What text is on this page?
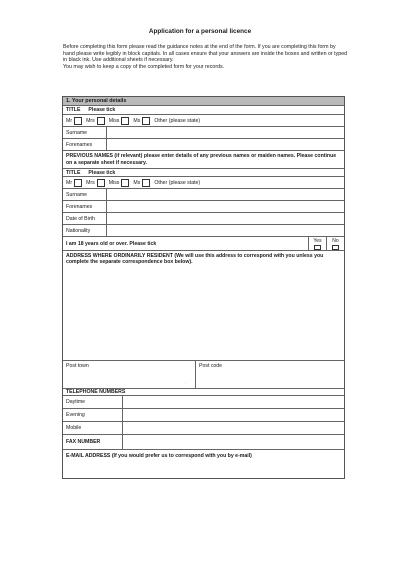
Application for a personal licence

Before completing this form please read the guidance notes at the end of the form. If you are completing this form by hand please write legibly in block capitals. In all cases ensure that your answers are inside the boxes and written or typed in black ink. Use additional sheets if necessary.

You may wish to keep a copy of the completed form for your records.

1. Your personal details
TITLE Please tick
Mr	Mrs	Miss	Ms	Other (please state)
Surname
Forenames
PREVIOUS NAMES (if relevant) please enter details of any previous names or maiden names. Please continue on a separate sheet if necessary.
TITLE Please tick
Mr	Mrs	Miss	Ms	Other (please state)
Surname
Forenames
Date of Birth
Nationality
I am 18 years old or over. Please tick	Yes No
ADDRESS WHERE ORDINARILY RESIDENT (We will use this address to correspond with you unless you complete the separate correspondence box below).
Post town
'
Post code
TELEPHONE NUMBERS
Daytime
Evening
Mobile
FAX NUMBER
E-MAIL ADDRESS (If you would prefer us to correspond with you by e-mail)
